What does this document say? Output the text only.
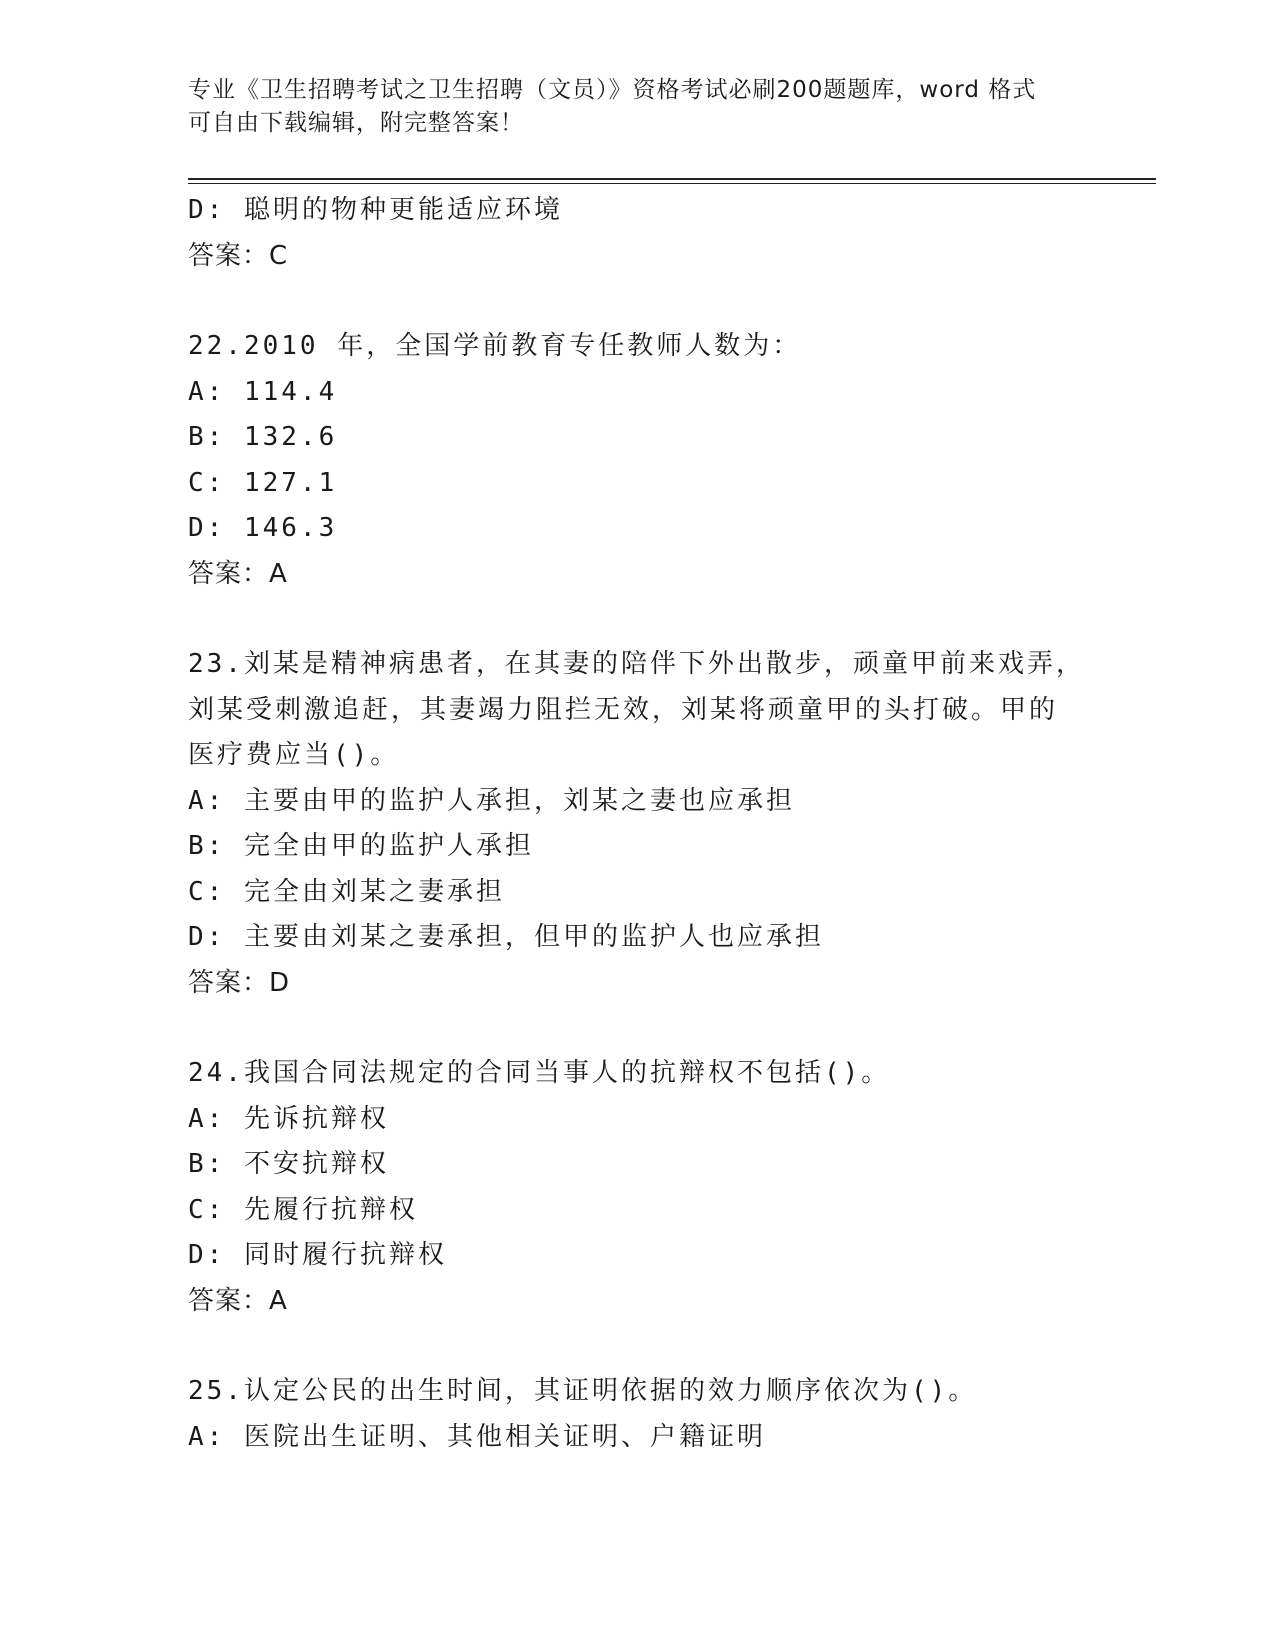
专业《卫生招聘考试之卫生招聘（文员）》资格考试必刷200题题库，word 格式
可自由下载编辑，附完整答案！
D: 聪明的物种更能适应环境
答案：C
22.2010 年，全国学前教育专任教师人数为：
A: 114.4
B: 132.6
C: 127.1
D: 146.3
答案：A
23.刘某是精神病患者，在其妻的陪伴下外出散步，顽童甲前来戏弄，
刘某受刺激追赶，其妻竭力阻拦无效，刘某将顽童甲的头打破。甲的
医疗费应当()。
A: 主要由甲的监护人承担，刘某之妻也应承担
B: 完全由甲的监护人承担
C: 完全由刘某之妻承担
D: 主要由刘某之妻承担，但甲的监护人也应承担
答案：D
24.我国合同法规定的合同当事人的抗辩权不包括()。
A: 先诉抗辩权
B: 不安抗辩权
C: 先履行抗辩权
D: 同时履行抗辩权
答案：A
25.认定公民的出生时间，其证明依据的效力顺序依次为()。
A: 医院出生证明、其他相关证明、户籍证明
